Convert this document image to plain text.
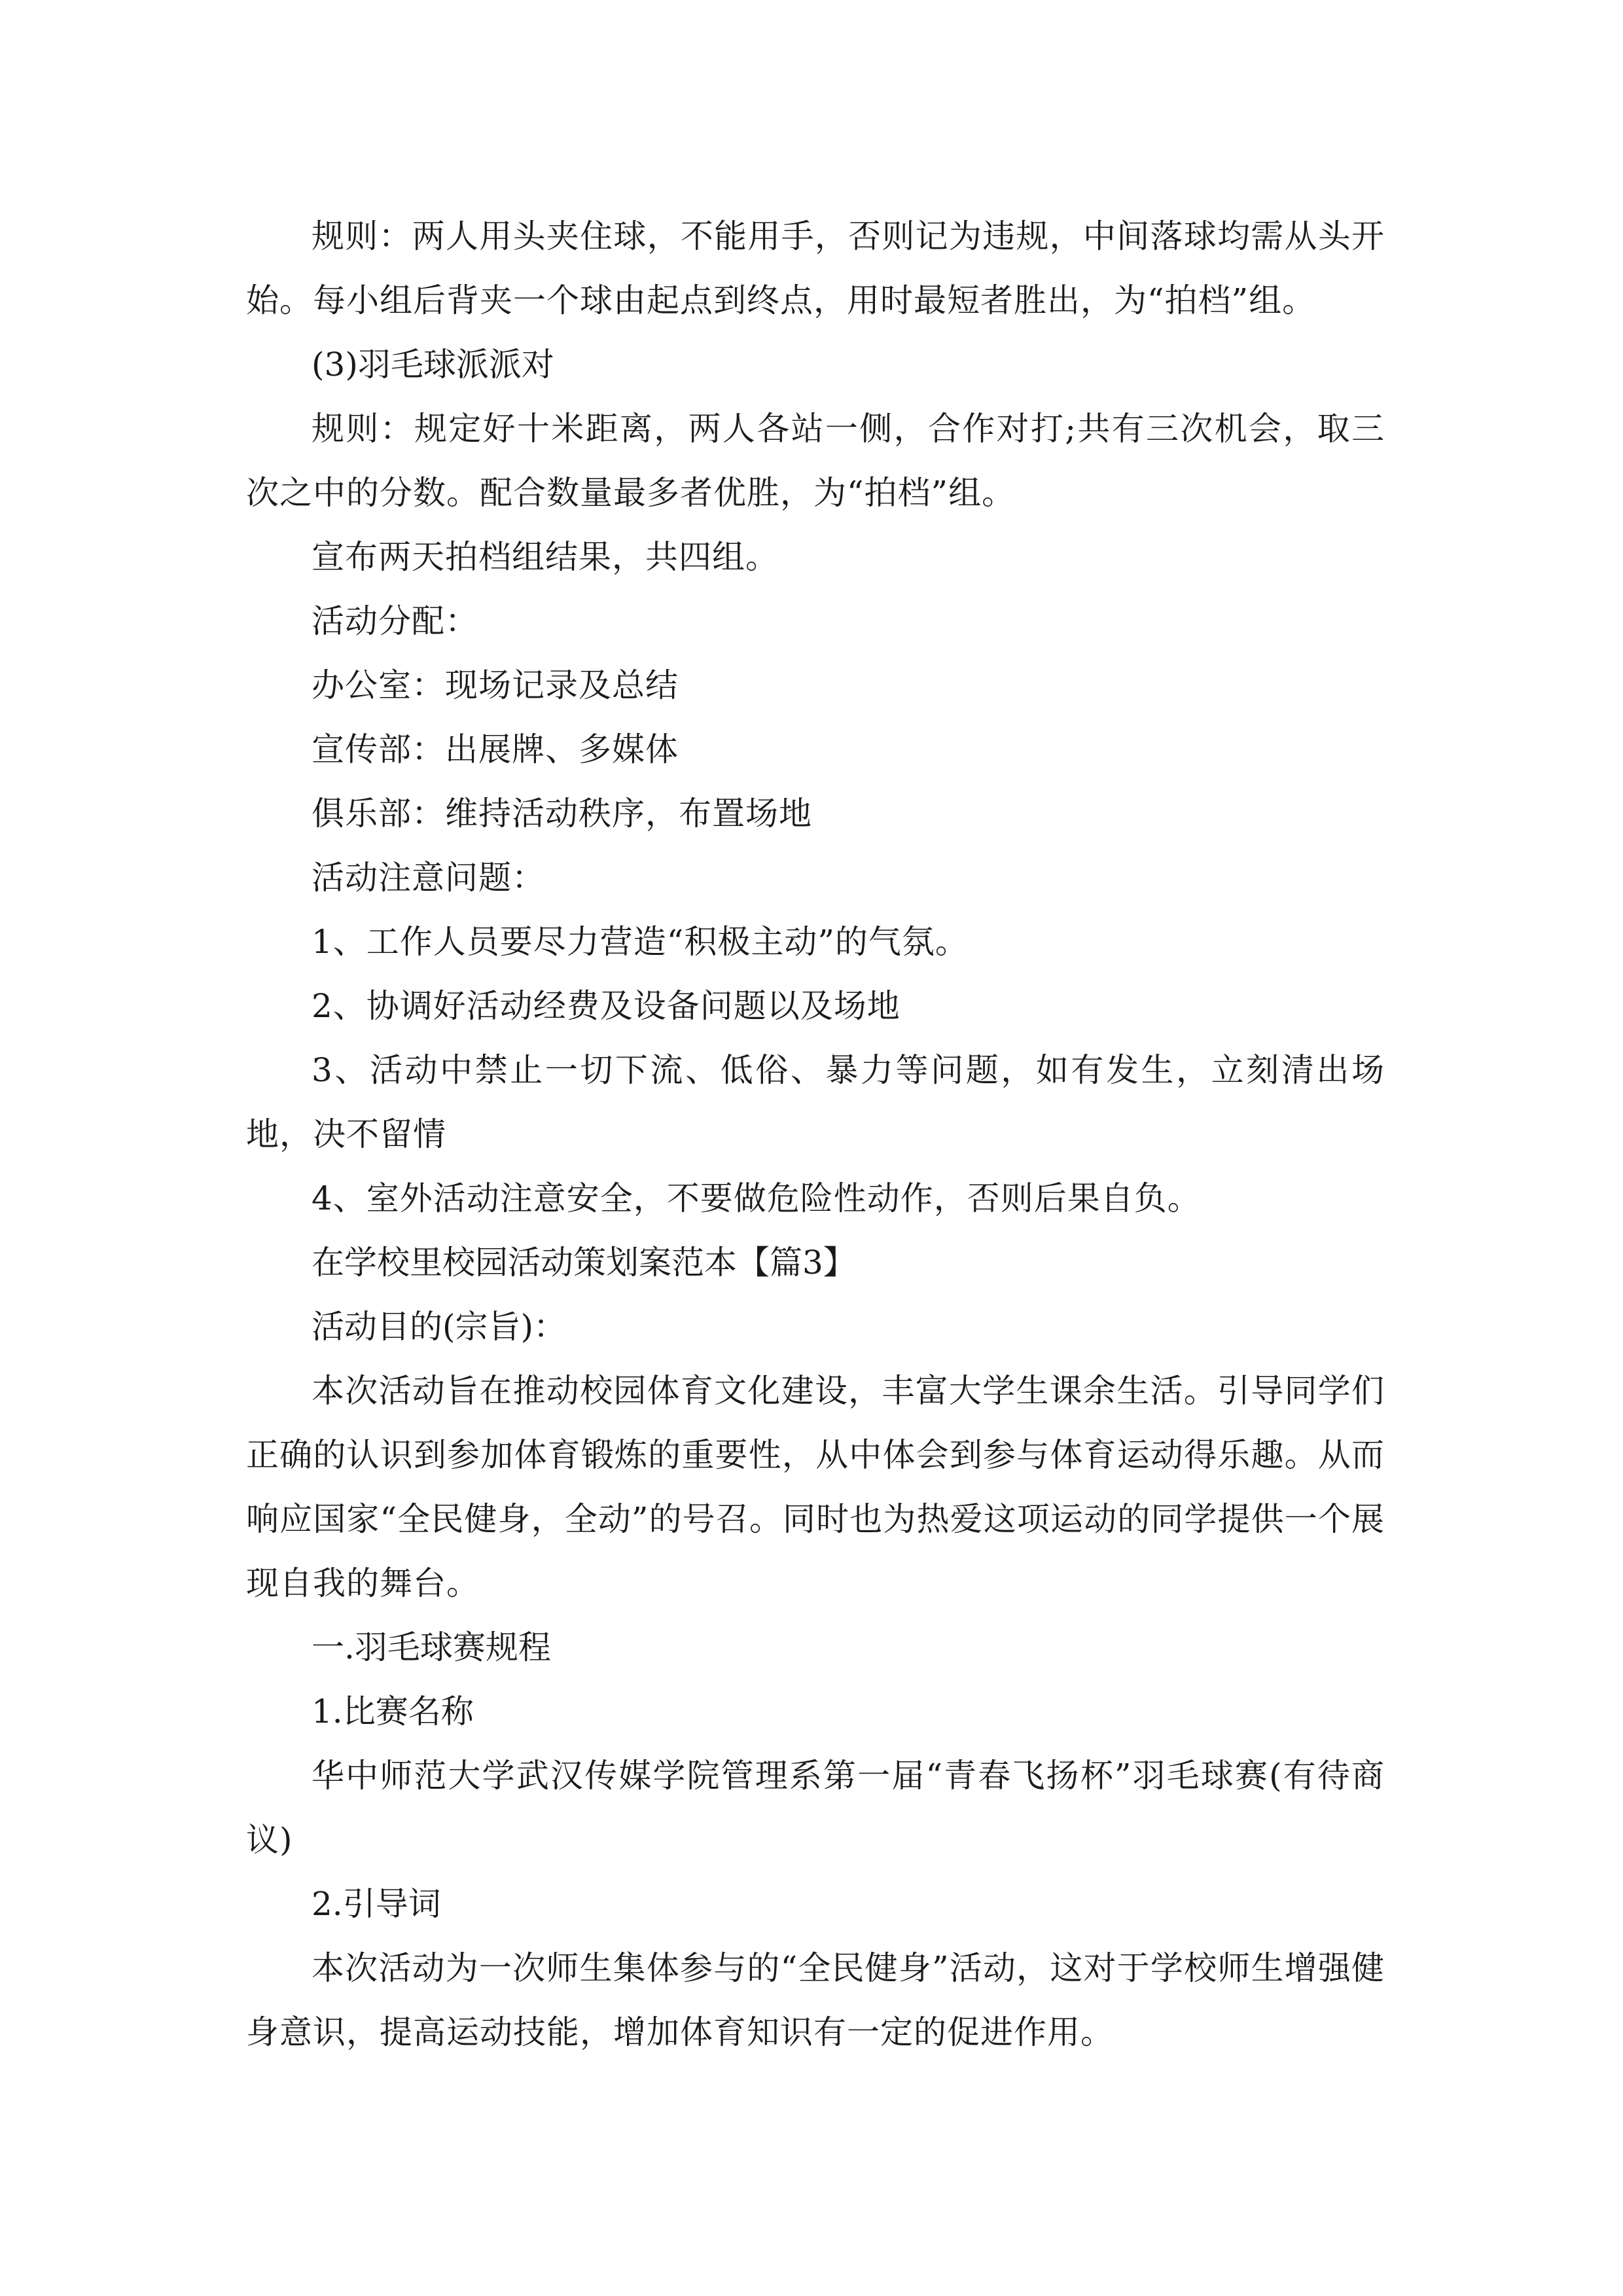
规则：两人用头夹住球，不能用手，否则记为违规，中间落球均需从头开始。每小组后背夹一个球由起点到终点，用时最短者胜出，为“拍档”组。

(3)羽毛球派派对

规则：规定好十米距离，两人各站一侧，合作对打;共有三次机会，取三次之中的分数。配合数量最多者优胜，为“拍档”组。

宣布两天拍档组结果，共四组。

活动分配：

办公室：现场记录及总结

宣传部：出展牌、多媒体

俱乐部：维持活动秩序，布置场地

活动注意问题：

1、工作人员要尽力营造“积极主动”的气氛。

2、协调好活动经费及设备问题以及场地

3、活动中禁止一切下流、低俗、暴力等问题，如有发生，立刻清出场地，决不留情

4、室外活动注意安全，不要做危险性动作，否则后果自负。

在学校里校园活动策划案范本【篇3】

活动目的(宗旨)：

本次活动旨在推动校园体育文化建设，丰富大学生课余生活。引导同学们正确的认识到参加体育锻炼的重要性，从中体会到参与体育运动得乐趣。从而响应国家“全民健身，全动”的号召。同时也为热爱这项运动的同学提供一个展现自我的舞台。

一.羽毛球赛规程

1.比赛名称

华中师范大学武汉传媒学院管理系第一届“青春飞扬杯”羽毛球赛(有待商议)

2.引导词

本次活动为一次师生集体参与的“全民健身”活动，这对于学校师生增强健身意识，提高运动技能，增加体育知识有一定的促进作用。
